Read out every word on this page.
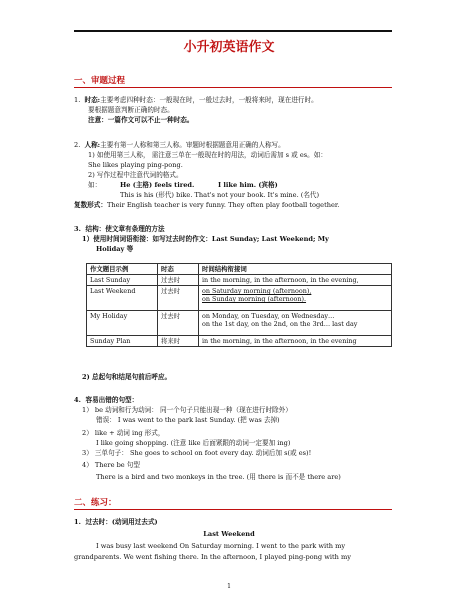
小升初英语作文
一、审题过程
1. 时态:主要考虑四种时态：一般现在时，一般过去时，一般将来时，现在进行时。
要根据题意判断正确的时态。
注意：一篇作文可以不止一种时态。
2. 人称:主要有第一人称和第三人称。审题时根据题意用正确的人称写。
1) 如使用第三人称， 需注意三单在一般现在时的用法，动词后需加 s 或 es。如：
She likes playing ping-pong.
2) 写作过程中注意代词的格式。
如：	He (主格) feels tired.	I like him. (宾格)
This is his (形代) bike. That's not your book. It's mine. (名代)
复数形式：Their English teacher is very funny. They often play football together.
3. 结构：使文章有条理的方法
1）使用时间词语衔接：如写过去时的作文：Last Sunday; Last Weekend; My
Holiday 等
作文题目示例	时态	时间结构衔接词
Last Sunday	过去时	in the morning, in the afternoon, in the evening,

Last Weekend	过去时	on Saturday morning (afternoon),
on Sunday morning (afternoon).

My Holiday	过去时	on Monday, on Tuesday, on Wednesday…
on the 1st day, on the 2nd, on the 3rd… last day

Sunday Plan	将来时	in the morning, in the afternoon, in the evening
2) 总起句和结尾句前后呼应。
4. 容易出错的句型：
1） be 动词和行为动词： 同一个句子只能出现一种（现在进行时除外）
错误： I was went to the park last Sunday. (把 was 去掉)
2） like + 动词 ing 形式，
I like going shopping. (注意 like 后面紧跟的动词一定要加 ing)
3） 三单句子： She goes to school on foot every day. 动词后加 s(或 es)!
4） There be 句型
There is a bird and two monkeys in the tree. (用 there is 而不是 there are)
二、练习：
1. 过去时：(动词用过去式)
Last Weekend
I was busy last weekend On Saturday morning. I went to the park with my
grandparents. We went fishing there. In the afternoon, I played ping-pong with my
1
